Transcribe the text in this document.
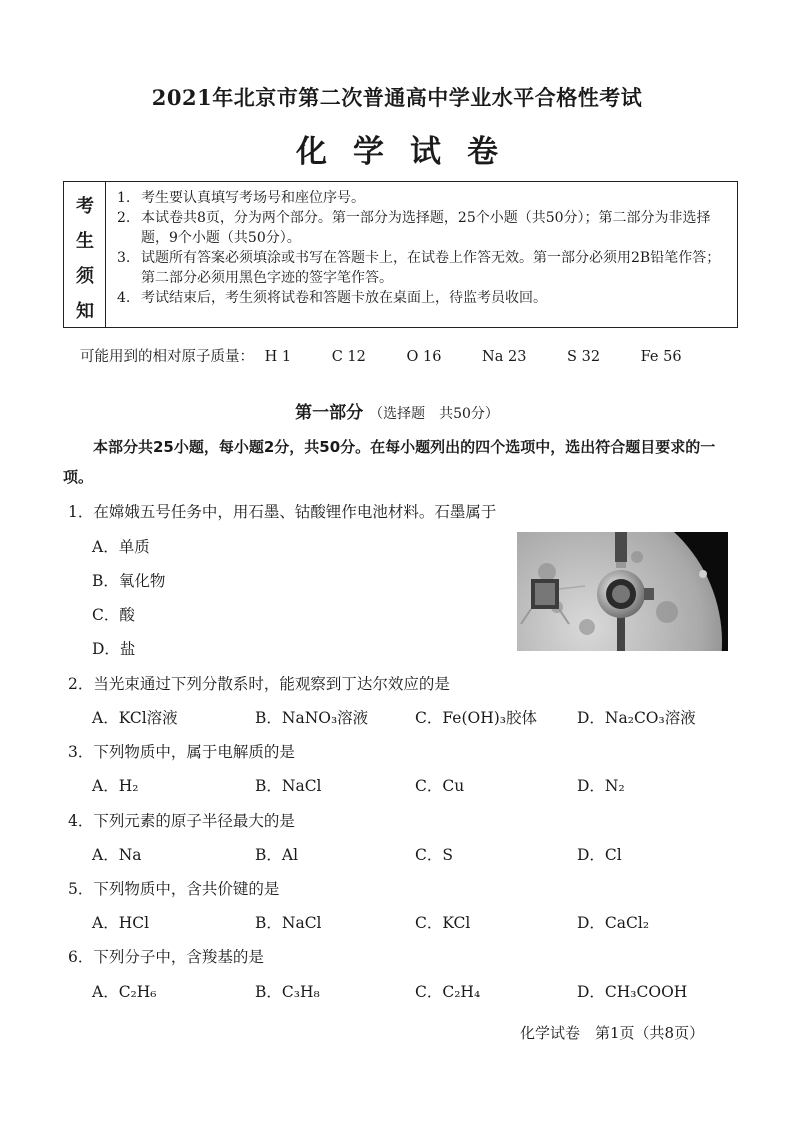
2021年北京市第二次普通高中学业水平合格性考试
化学试卷
考
生
须
知
1. 考生要认真填写考场号和座位序号。
2. 本试卷共8页，分为两个部分。第一部分为选择题，25个小题（共50分）；第二部分为非选择题，9个小题（共50分）。
3. 试题所有答案必须填涂或书写在答题卡上，在试卷上作答无效。第一部分必须用2B铅笔作答；第二部分必须用黑色字迹的签字笔作答。
4. 考试结束后，考生须将试卷和答题卡放在桌面上，待监考员收回。
可能用到的相对原子质量： H 1	C 12	O 16	Na 23	S 32	Fe 56
第一部分 （选择题　共50分）
本部分共25小题，每小题2分，共50分。在每小题列出的四个选项中，选出符合题目要求的一项。
1．在嫦娥五号任务中，用石墨、钴酸锂作电池材料。石墨属于
A．单质
B．氧化物
C．酸
D．盐
2．当光束通过下列分散系时，能观察到丁达尔效应的是
A．KCl溶液	B．NaNO₃溶液	C．Fe(OH)₃胶体	D．Na₂CO₃溶液
3．下列物质中，属于电解质的是
A．H₂	B．NaCl	C．Cu	D．N₂
4．下列元素的原子半径最大的是
A．Na	B．Al	C．S	D．Cl
5．下列物质中，含共价键的是
A．HCl	B．NaCl	C．KCl	D．CaCl₂
6．下列分子中，含羧基的是
A．C₂H₆	B．C₃H₈	C．C₂H₄	D．CH₃COOH
化学试卷　第1页（共8页）
